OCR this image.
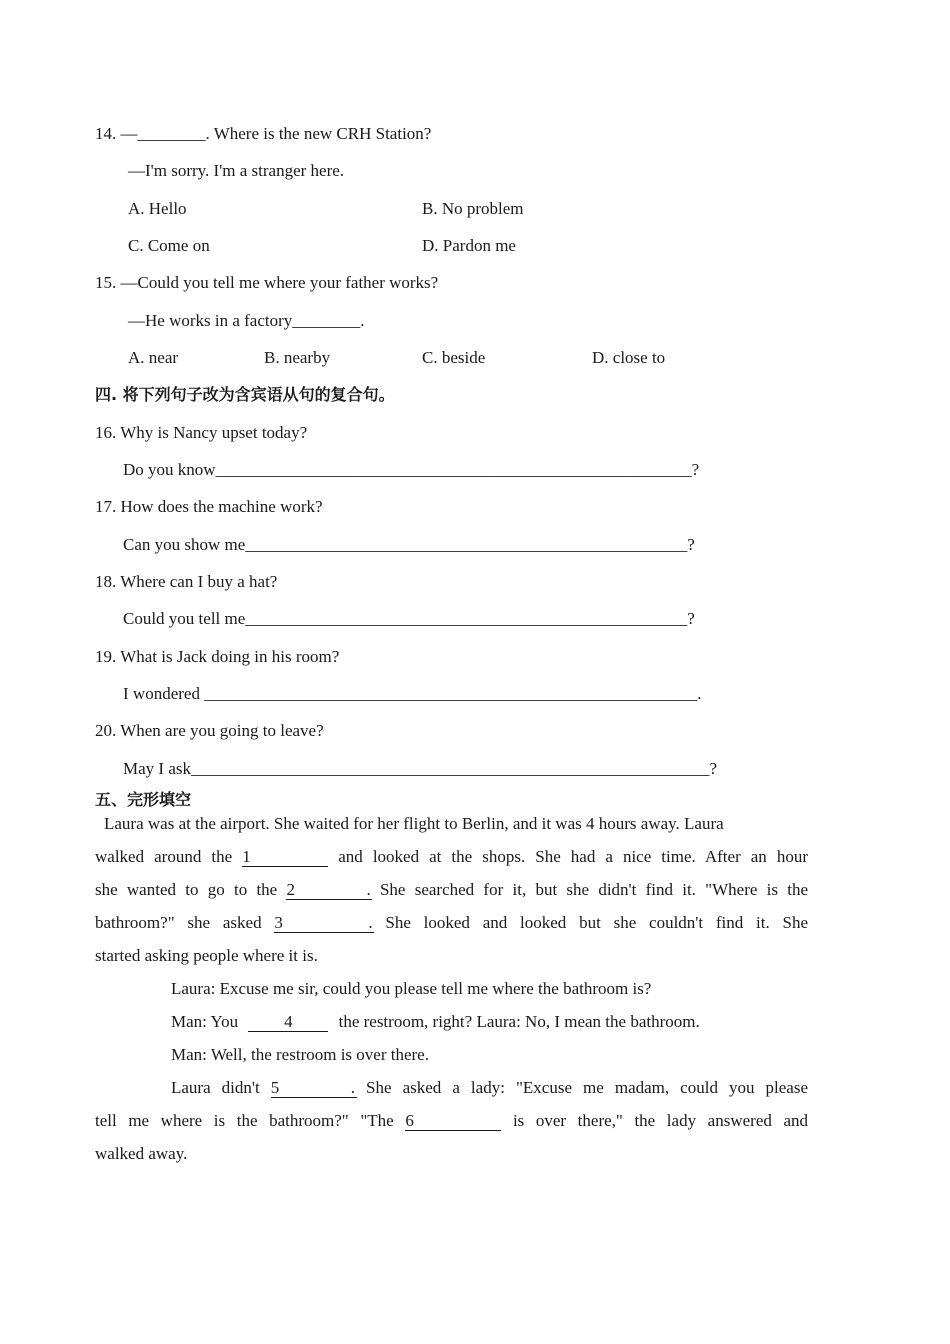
14. —________. Where is the new CRH Station?
—I'm sorry. I'm a stranger here.
A. Hello	B. No problem
C. Come on	D. Pardon me
15. —Could you tell me where your father works?
—He works in a factory________.
A. near	B. nearby	C. beside	D. close to
四. 将下列句子改为含宾语从句的复合句。
16. Why is Nancy upset today?
Do you know________________________________________________________?
17. How does the machine work?
Can you show me____________________________________________________?
18. Where can I buy a hat?
Could you tell me____________________________________________________?
19. What is Jack doing in his room?
I wondered __________________________________________________________.
20. When are you going to leave?
May I ask_____________________________________________________________?
五、完形填空
Laura was at the airport. She waited for her flight to Berlin, and it was 4 hours away. Laura
walked around the 1	and looked at the shops. She had a nice time. After an hour
she wanted to go to the 2	. She searched for it, but she didn't find it. "Where is the
bathroom?" she asked 3	. She looked and looked but she couldn't find it. She
started asking people where it is.
Laura: Excuse me sir, could you please tell me where the bathroom is?
Man: You	4	the restroom, right? Laura: No, I mean the bathroom.
Man: Well, the restroom is over there.
Laura didn't 5	. She asked a lady: "Excuse me madam, could you please
tell me where is the bathroom?" "The 6	is over there," the lady answered and
walked away.
